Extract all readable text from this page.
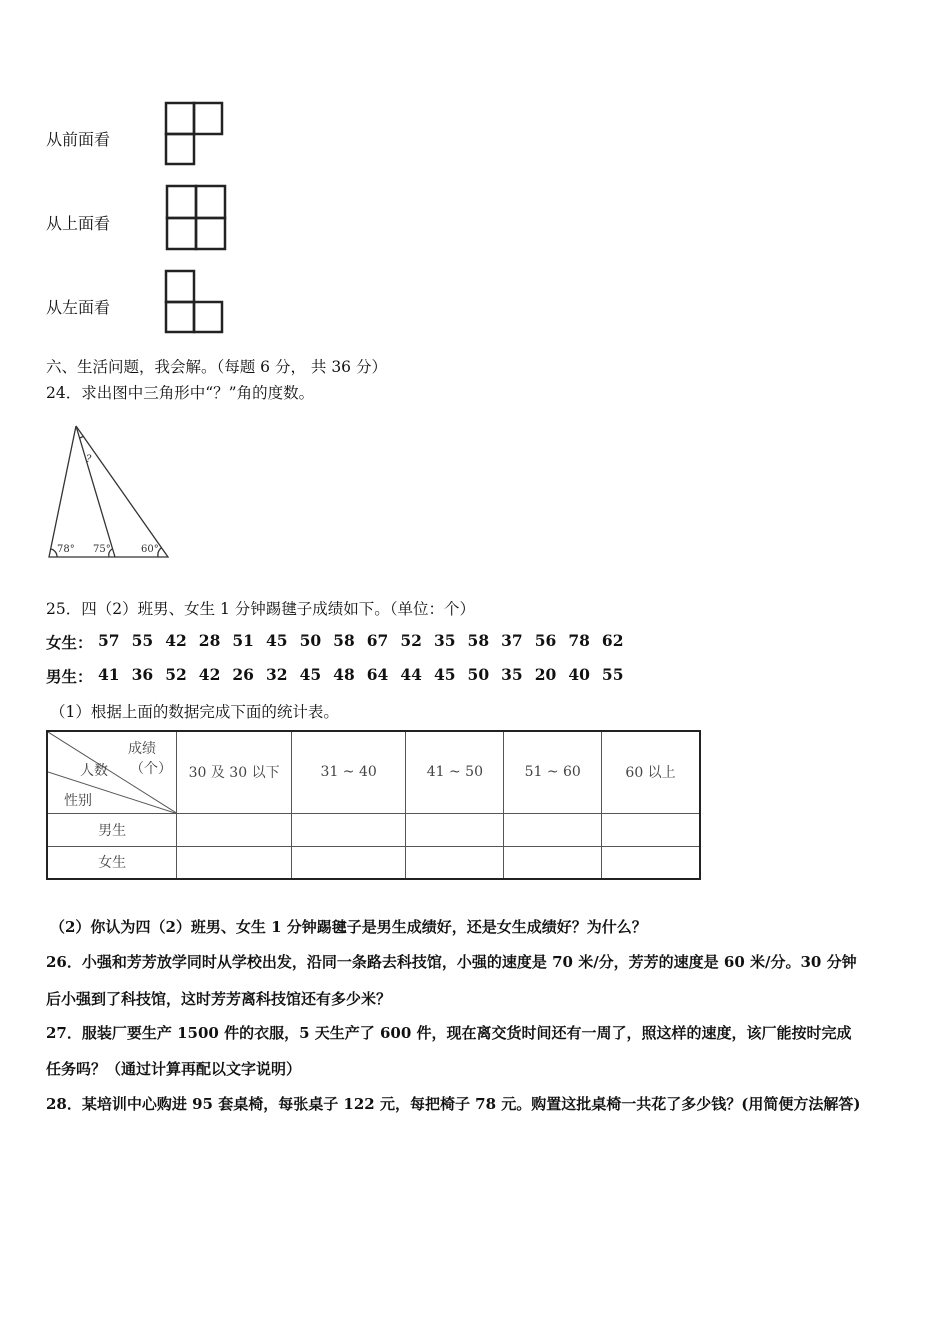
从前面看
从上面看
从左面看
六、生活问题，我会解。（每题 6 分， 共 36 分）
24．求出图中三角形中“？”角的度数。
?
78° 75°	60°
25．四（2）班男、女生 1 分钟踢毽子成绩如下。（单位：个）
女生： 57 55 42 28 51 45 50 58 67 52 35 58 37 56 78 62
男生： 41 36 52 42 26 32 45 48 64 44 45 50 35 20 40 55
（1）根据上面的数据完成下面的统计表。
成绩
（个）
人数
性别	30 及 30 以下	31 ~ 40	41 ~ 50	51 ~ 60	60 以上
男生					
女生					
（2）你认为四（2）班男、女生 1 分钟踢毽子是男生成绩好，还是女生成绩好？为什么？
26．小强和芳芳放学同时从学校出发，沿同一条路去科技馆，小强的速度是 70 米/分，芳芳的速度是 60 米/分。30 分钟
后小强到了科技馆，这时芳芳离科技馆还有多少米？
27．服装厂要生产 1500 件的衣服，5 天生产了 600 件，现在离交货时间还有一周了，照这样的速度，该厂能按时完成
任务吗？（通过计算再配以文字说明）
28．某培训中心购进 95 套桌椅，每张桌子 122 元，每把椅子 78 元。购置这批桌椅一共花了多少钱？(用简便方法解答)
